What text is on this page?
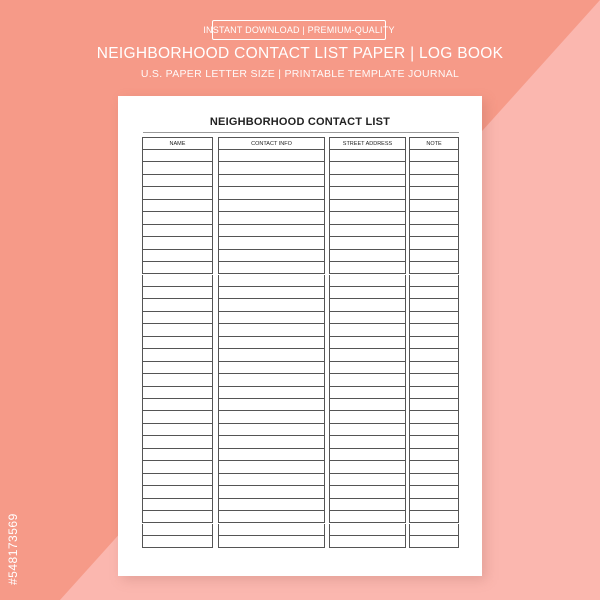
INSTANT DOWNLOAD | PREMIUM-QUALITY
NEIGHBORHOOD CONTACT LIST PAPER | LOG BOOK
U.S. PAPER LETTER SIZE | PRINTABLE TEMPLATE JOURNAL
NEIGHBORHOOD CONTACT LIST
NAME	CONTACT INFO	STREET ADDRESS	NOTE
#548173569
